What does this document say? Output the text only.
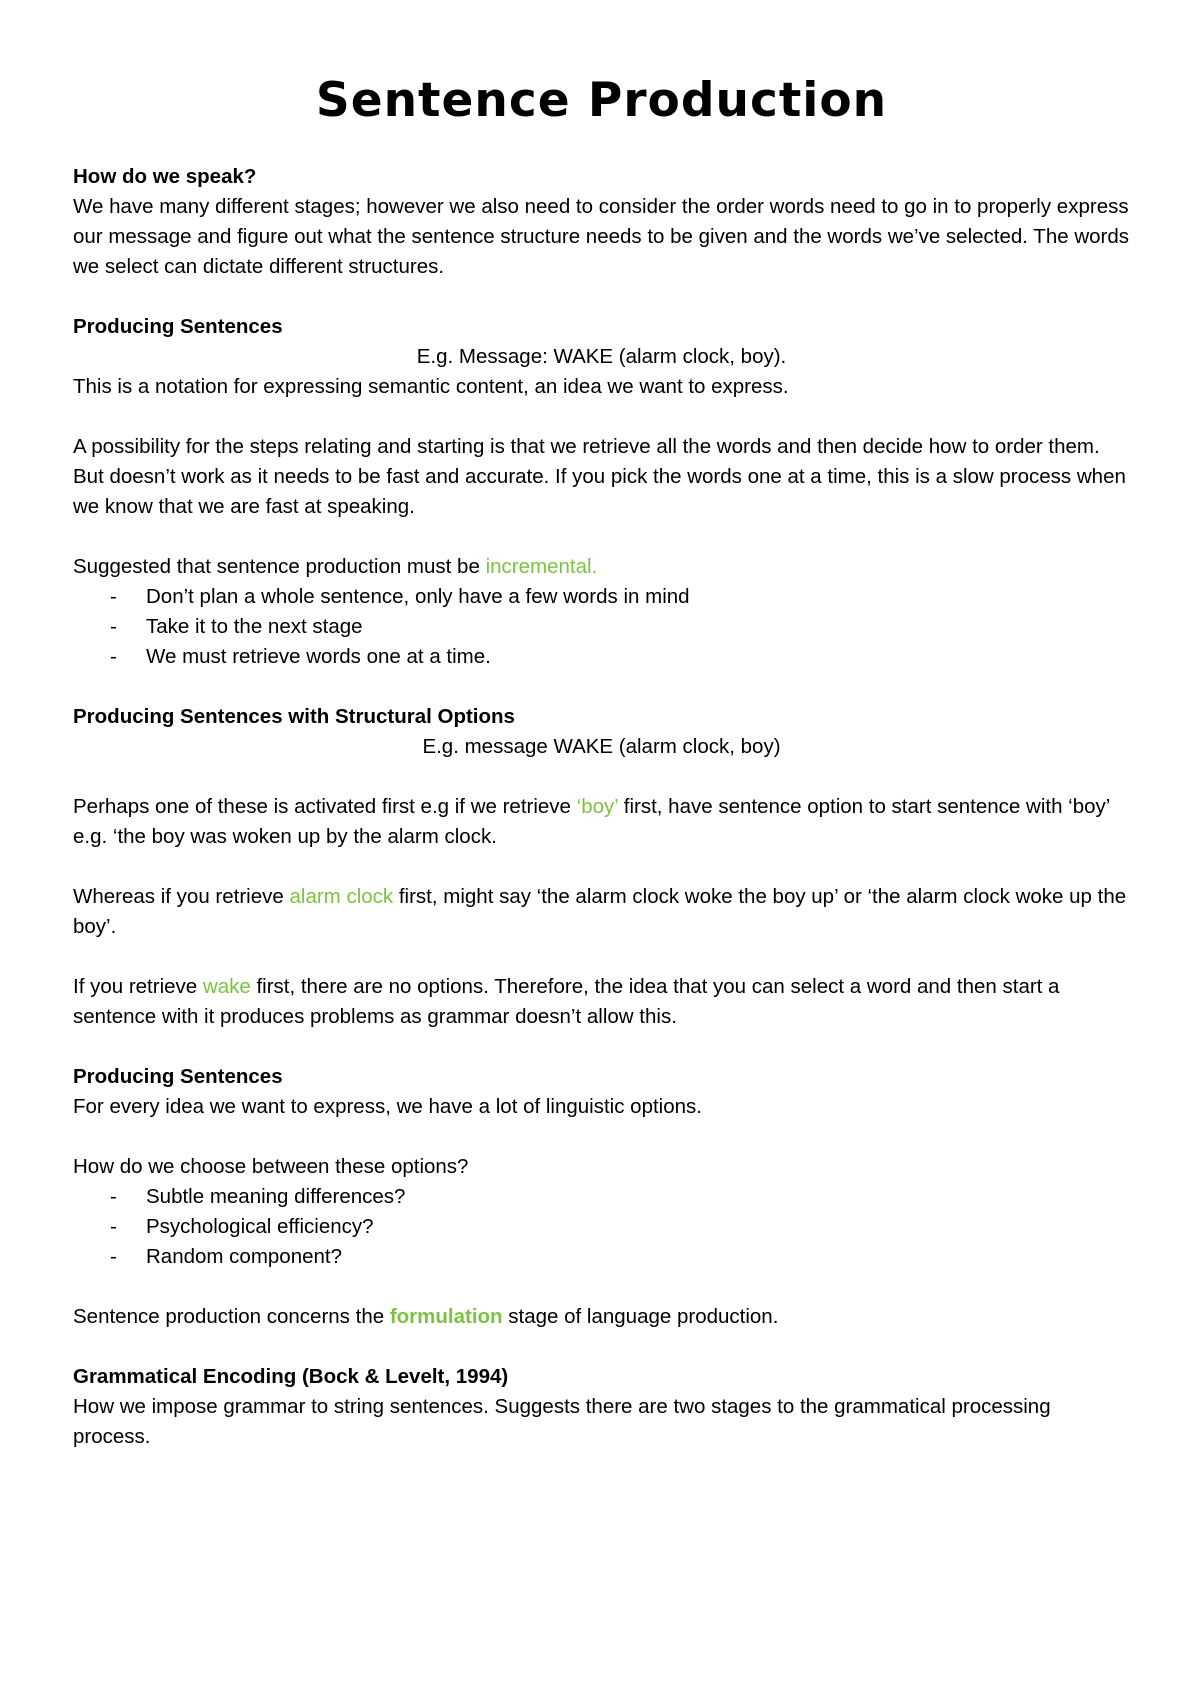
Sentence Production

How do we speak?

We have many different stages; however we also need to consider the order words need to go in to properly express our message and figure out what the sentence structure needs to be given and the words we’ve selected. The words we select can dictate different structures.

Producing Sentences

E.g. Message: WAKE (alarm clock, boy).

This is a notation for expressing semantic content, an idea we want to express.

A possibility for the steps relating and starting is that we retrieve all the words and then decide how to order them.

But doesn’t work as it needs to be fast and accurate. If you pick the words one at a time, this is a slow process when we know that we are fast at speaking.

Suggested that sentence production must be incremental.

- Don’t plan a whole sentence, only have a few words in mind
- Take it to the next stage
- We must retrieve words one at a time.

Producing Sentences with Structural Options

E.g. message WAKE (alarm clock, boy)

Perhaps one of these is activated first e.g if we retrieve ‘boy’ first, have sentence option to start sentence with ‘boy’ e.g. ‘the boy was woken up by the alarm clock.

Whereas if you retrieve alarm clock first, might say ‘the alarm clock woke the boy up’ or ‘the alarm clock woke up the boy’.

If you retrieve wake first, there are no options. Therefore, the idea that you can select a word and then start a sentence with it produces problems as grammar doesn’t allow this.

Producing Sentences

For every idea we want to express, we have a lot of linguistic options.

How do we choose between these options?

- Subtle meaning differences?
- Psychological efficiency?
- Random component?

Sentence production concerns the formulation stage of language production.

Grammatical Encoding (Bock & Levelt, 1994)

How we impose grammar to string sentences. Suggests there are two stages to the grammatical processing process.
